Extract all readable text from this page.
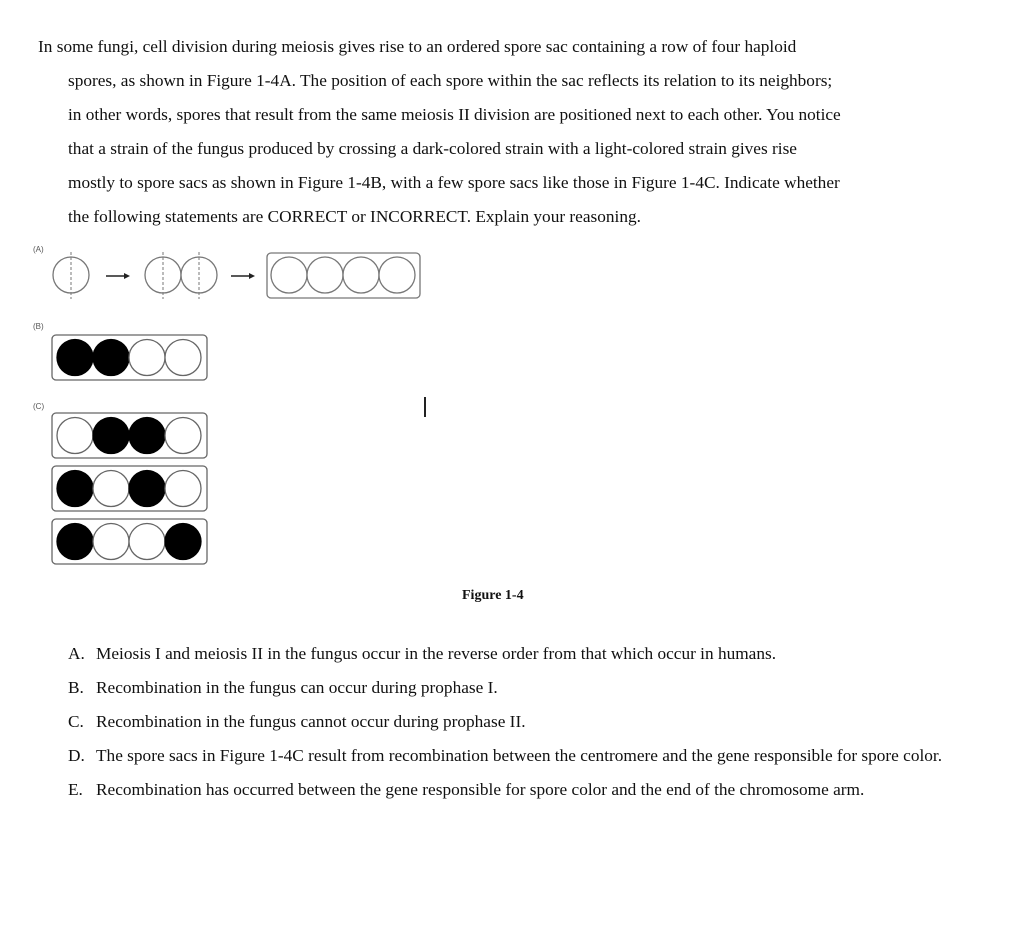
In some fungi, cell division during meiosis gives rise to an ordered spore sac containing a row of four haploid

spores, as shown in Figure 1-4A. The position of each spore within the sac reflects its relation to its neighbors;

in other words, spores that result from the same meiosis II division are positioned next to each other. You notice

that a strain of the fungus produced by crossing a dark-colored strain with a light-colored strain gives rise

mostly to spore sacs as shown in Figure 1-4B, with a few spore sacs like those in Figure 1-4C. Indicate whether

the following statements are CORRECT or INCORRECT. Explain your reasoning.

(A)
(B)
(C)
Figure 1-4
A. Meiosis I and meiosis II in the fungus occur in the reverse order from that which occur in humans.
B. Recombination in the fungus can occur during prophase I.
C. Recombination in the fungus cannot occur during prophase II.
D. The spore sacs in Figure 1-4C result from recombination between the centromere and the gene responsible for spore color.
E. Recombination has occurred between the gene responsible for spore color and the end of the chromosome arm.
